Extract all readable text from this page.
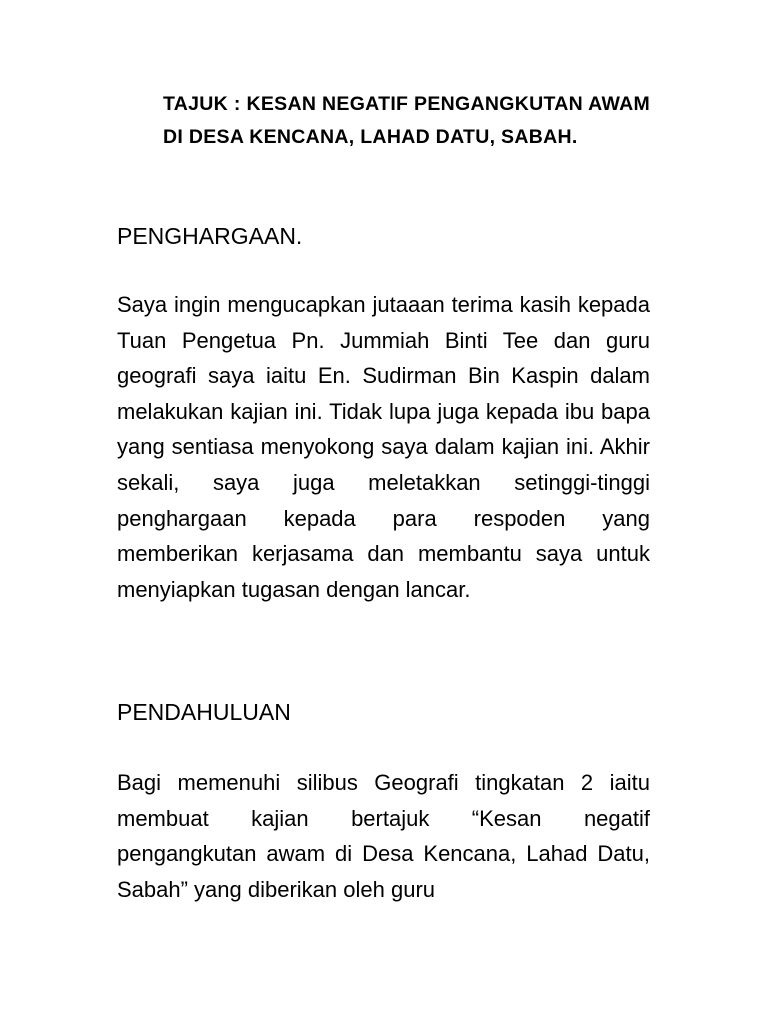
TAJUK : KESAN NEGATIF PENGANGKUTAN AWAM DI DESA KENCANA, LAHAD DATU, SABAH.

PENGHARGAAN.

Saya ingin mengucapkan jutaaan terima kasih kepada Tuan Pengetua Pn. Jummiah Binti Tee dan guru geografi saya iaitu En. Sudirman Bin Kaspin dalam melakukan kajian ini. Tidak lupa juga kepada ibu bapa yang sentiasa menyokong saya dalam kajian ini. Akhir sekali, saya juga meletakkan setinggi-tinggi penghargaan kepada para respoden yang memberikan kerjasama dan membantu saya untuk menyiapkan tugasan dengan lancar.

PENDAHULUAN

Bagi memenuhi silibus Geografi tingkatan 2 iaitu membuat kajian bertajuk “Kesan negatif pengangkutan awam di Desa Kencana, Lahad Datu, Sabah” yang diberikan oleh guru
